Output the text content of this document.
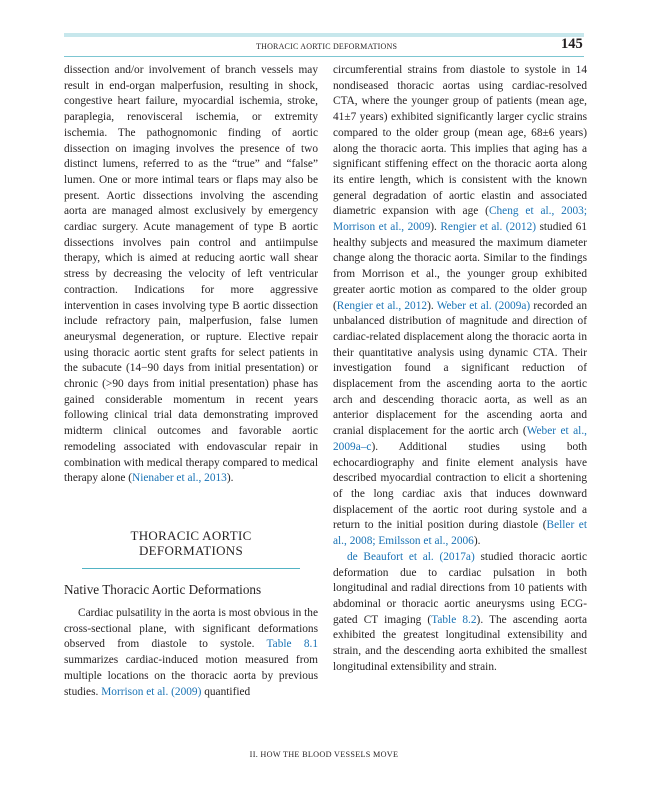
THORACIC AORTIC DEFORMATIONS	145

dissection and/or involvement of branch vessels may result in end-organ malperfusion, resulting in shock, congestive heart failure, myocardial ischemia, stroke, paraplegia, renovisceral ischemia, or extremity ischemia. The pathognomonic finding of aortic dissection on imaging involves the presence of two distinct lumens, referred to as the “true” and “false” lumen. One or more intimal tears or flaps may also be present. Aortic dissections involving the ascending aorta are managed almost exclusively by emergency cardiac surgery. Acute management of type B aortic dissections involves pain control and antiimpulse therapy, which is aimed at reducing aortic wall shear stress by decreasing the velocity of left ventricular contraction. Indications for more aggressive intervention in cases involving type B aortic dissection include refractory pain, malperfusion, false lumen aneurysmal degeneration, or rupture. Elective repair using thoracic aortic stent grafts for select patients in the subacute (14−90 days from initial presentation) or chronic (>90 days from initial presentation) phase has gained considerable momentum in recent years following clinical trial data demonstrating improved midterm clinical outcomes and favorable aortic remodeling associated with endovascular repair in combination with medical therapy compared to medical therapy alone (Nienaber et al., 2013).

THORACIC AORTIC
DEFORMATIONS
Native Thoracic Aortic Deformations

Cardiac pulsatility in the aorta is most obvious in the cross-sectional plane, with significant deformations observed from diastole to systole. Table 8.1 summarizes cardiac-induced motion measured from multiple locations on the thoracic aorta by previous studies. Morrison et al. (2009) quantified

circumferential strains from diastole to systole in 14 nondiseased thoracic aortas using cardiac-resolved CTA, where the younger group of patients (mean age, 41±7 years) exhibited significantly larger cyclic strains compared to the older group (mean age, 68±6 years) along the thoracic aorta. This implies that aging has a significant stiffening effect on the thoracic aorta along its entire length, which is consistent with the known general degradation of aortic elastin and associated diametric expansion with age (Cheng et al., 2003; Morrison et al., 2009). Rengier et al. (2012) studied 61 healthy subjects and measured the maximum diameter change along the thoracic aorta. Similar to the findings from Morrison et al., the younger group exhibited greater aortic motion as compared to the older group (Rengier et al., 2012). Weber et al. (2009a) recorded an unbalanced distribution of magnitude and direction of cardiac-related displacement along the thoracic aorta in their quantitative analysis using dynamic CTA. Their investigation found a significant reduction of displacement from the ascending aorta to the aortic arch and descending thoracic aorta, as well as an anterior displacement for the ascending aorta and cranial displacement for the aortic arch (Weber et al., 2009a–c). Additional studies using both echocardiography and finite element analysis have described myocardial contraction to elicit a shortening of the long cardiac axis that induces downward displacement of the aortic root during systole and a return to the initial position during diastole (Beller et al., 2008; Emilsson et al., 2006).

de Beaufort et al. (2017a) studied thoracic aortic deformation due to cardiac pulsation in both longitudinal and radial directions from 10 patients with abdominal or thoracic aortic aneurysms using ECG-gated CT imaging (Table 8.2). The ascending aorta exhibited the greatest longitudinal extensibility and strain, and the descending aorta exhibited the smallest longitudinal extensibility and strain.

II. HOW THE BLOOD VESSELS MOVE
